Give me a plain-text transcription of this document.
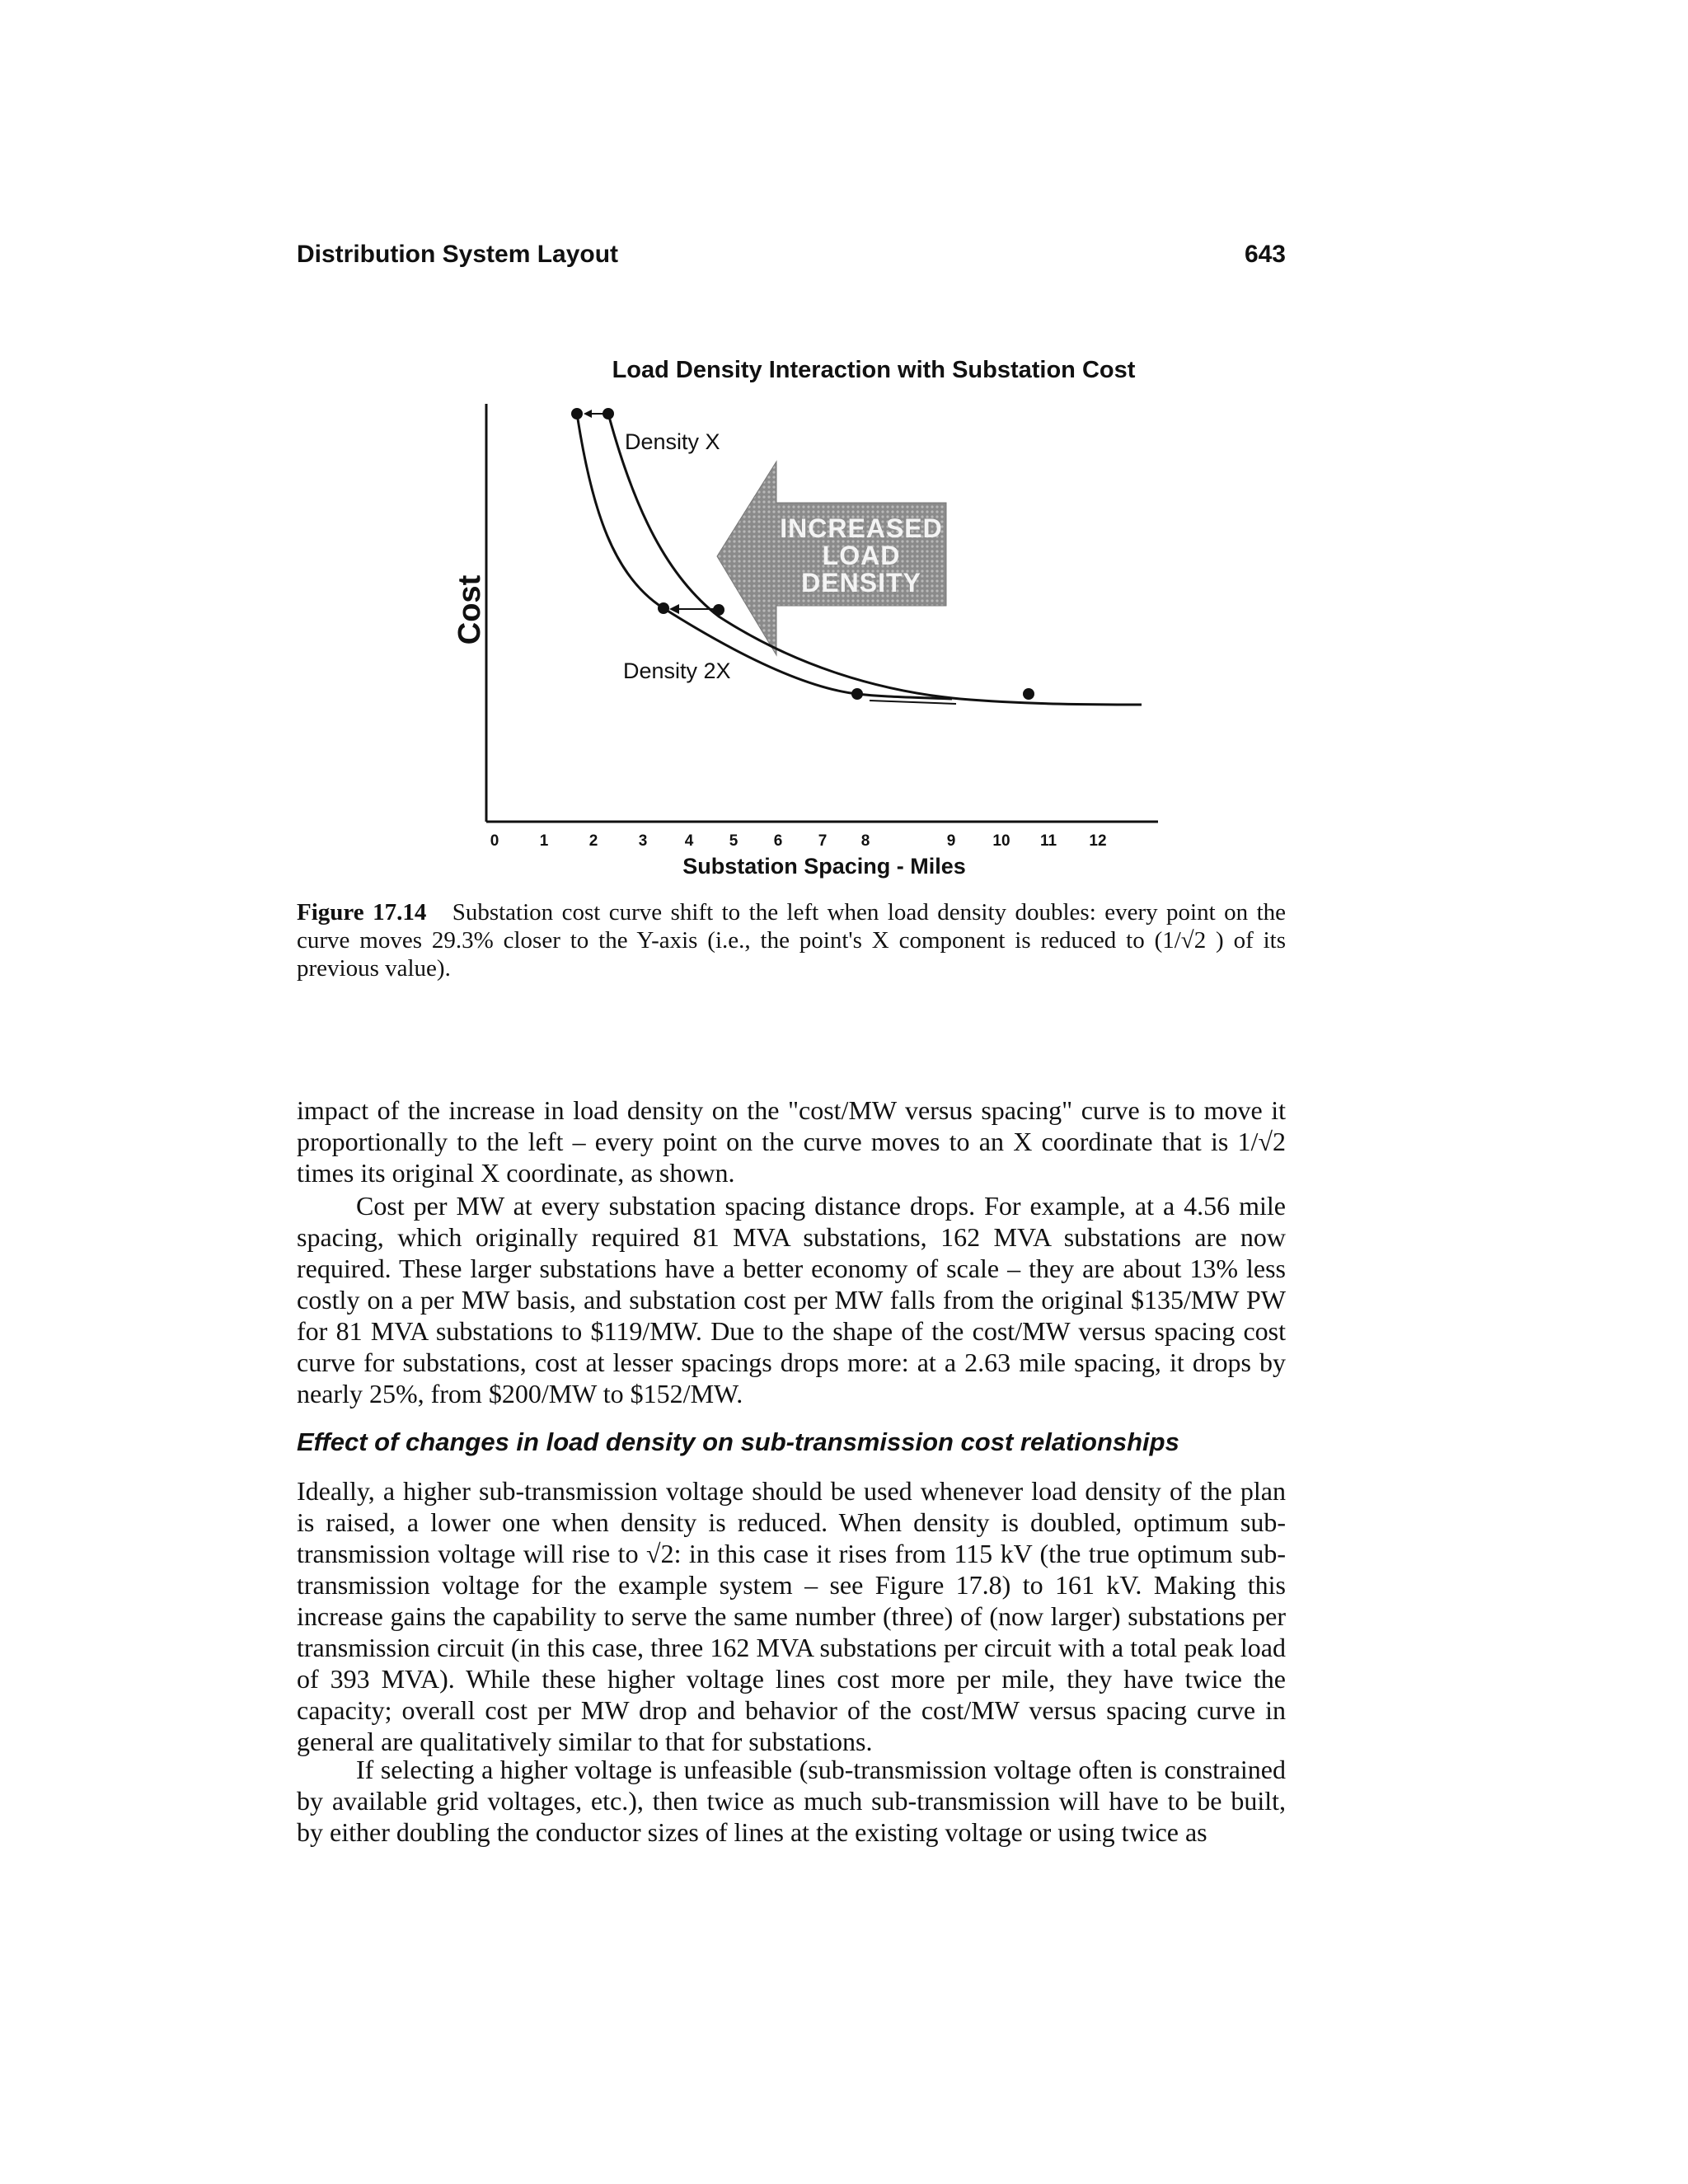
Distribution System Layout	643
Load Density Interaction with Substation Cost
Cost
0	1	2	3 4 5 6 7 8	9 10 11 12
Substation Spacing - Miles
INCREASED
LOAD
DENSITY
Density X
Density 2X
Figure 17.14 Substation cost curve shift to the left when load density doubles: every point on the curve moves 29.3% closer to the Y-axis (i.e., the point's X component is reduced to (1/√2 ) of its previous value).

impact of the increase in load density on the "cost/MW versus spacing" curve is to move it proportionally to the left – every point on the curve moves to an X coordinate that is 1/√2 times its original X coordinate, as shown.

Cost per MW at every substation spacing distance drops. For example, at a 4.56 mile spacing, which originally required 81 MVA substations, 162 MVA substations are now required. These larger substations have a better economy of scale – they are about 13% less costly on a per MW basis, and substation cost per MW falls from the original $135/MW PW for 81 MVA substations to $119/MW. Due to the shape of the cost/MW versus spacing cost curve for substations, cost at lesser spacings drops more: at a 2.63 mile spacing, it drops by nearly 25%, from $200/MW to $152/MW.

Effect of changes in load density on sub-transmission cost relationships

Ideally, a higher sub-transmission voltage should be used whenever load density of the plan is raised, a lower one when density is reduced. When density is doubled, optimum sub-transmission voltage will rise to √2: in this case it rises from 115 kV (the true optimum sub-transmission voltage for the example system – see Figure 17.8) to 161 kV. Making this increase gains the capability to serve the same number (three) of (now larger) substations per transmission circuit (in this case, three 162 MVA substations per circuit with a total peak load of 393 MVA). While these higher voltage lines cost more per mile, they have twice the capacity; overall cost per MW drop and behavior of the cost/MW versus spacing curve in general are qualitatively similar to that for substations.

If selecting a higher voltage is unfeasible (sub-transmission voltage often is constrained by available grid voltages, etc.), then twice as much sub-transmission will have to be built, by either doubling the conductor sizes of lines at the existing voltage or using twice as
